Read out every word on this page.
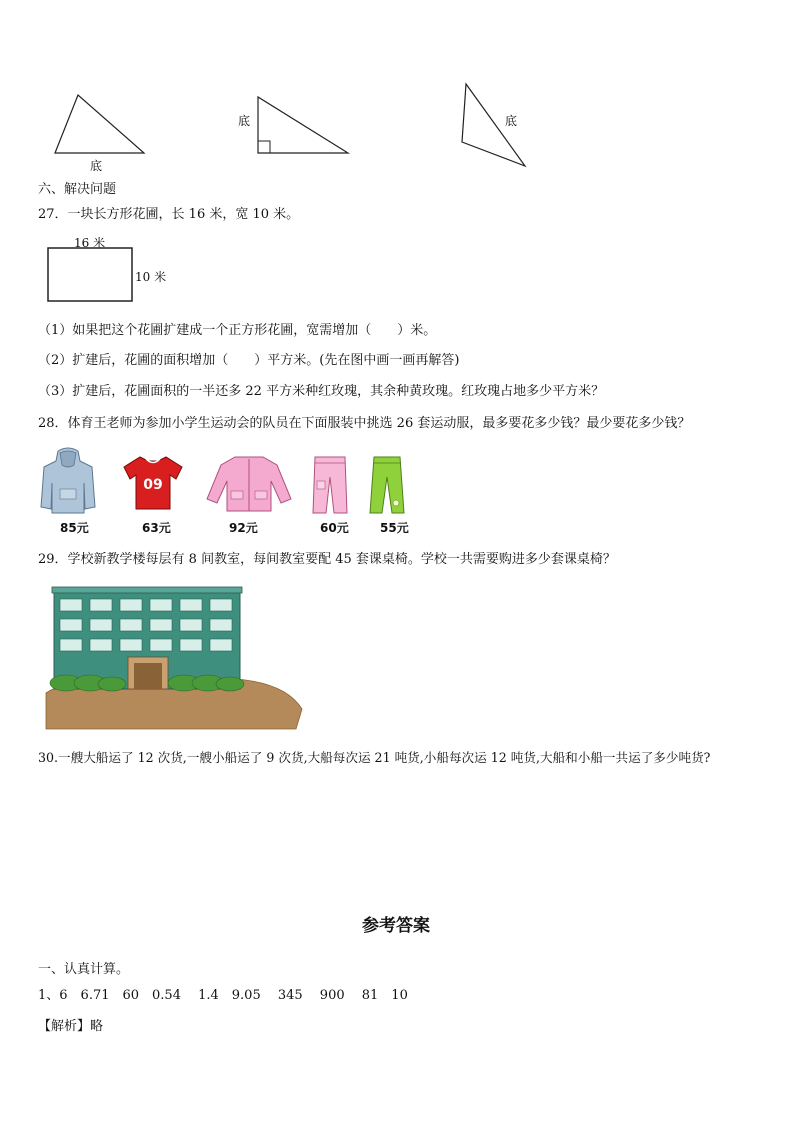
底
底	底
六、解决问题
27．一块长方形花圃，长 16 米，宽 10 米。
16 米
10 米
（1）如果把这个花圃扩建成一个正方形花圃，宽需增加（　　）米。
（2）扩建后，花圃的面积增加（　　）平方米。(先在图中画一画再解答)
（3）扩建后，花圃面积的一半还多 22 平方米种红玫瑰，其余种黄玫瑰。红玫瑰占地多少平方米？
28．体育王老师为参加小学生运动会的队员在下面服装中挑选 26 套运动服，最多要花多少钱？最少要花多少钱？
85元
09
63元	92元	60元	55元
29．学校新教学楼每层有 8 间教室，每间教室要配 45 套课桌椅。学校一共需要购进多少套课桌椅？
30.一艘大船运了 12 次货,一艘小船运了 9 次货,大船每次运 21 吨货,小船每次运 12 吨货,大船和小船一共运了多少吨货?
参考答案
一、认真计算。
1、6　6.71　60　0.54　 1.4　9.05　 345　 900　 81　10
【解析】略
